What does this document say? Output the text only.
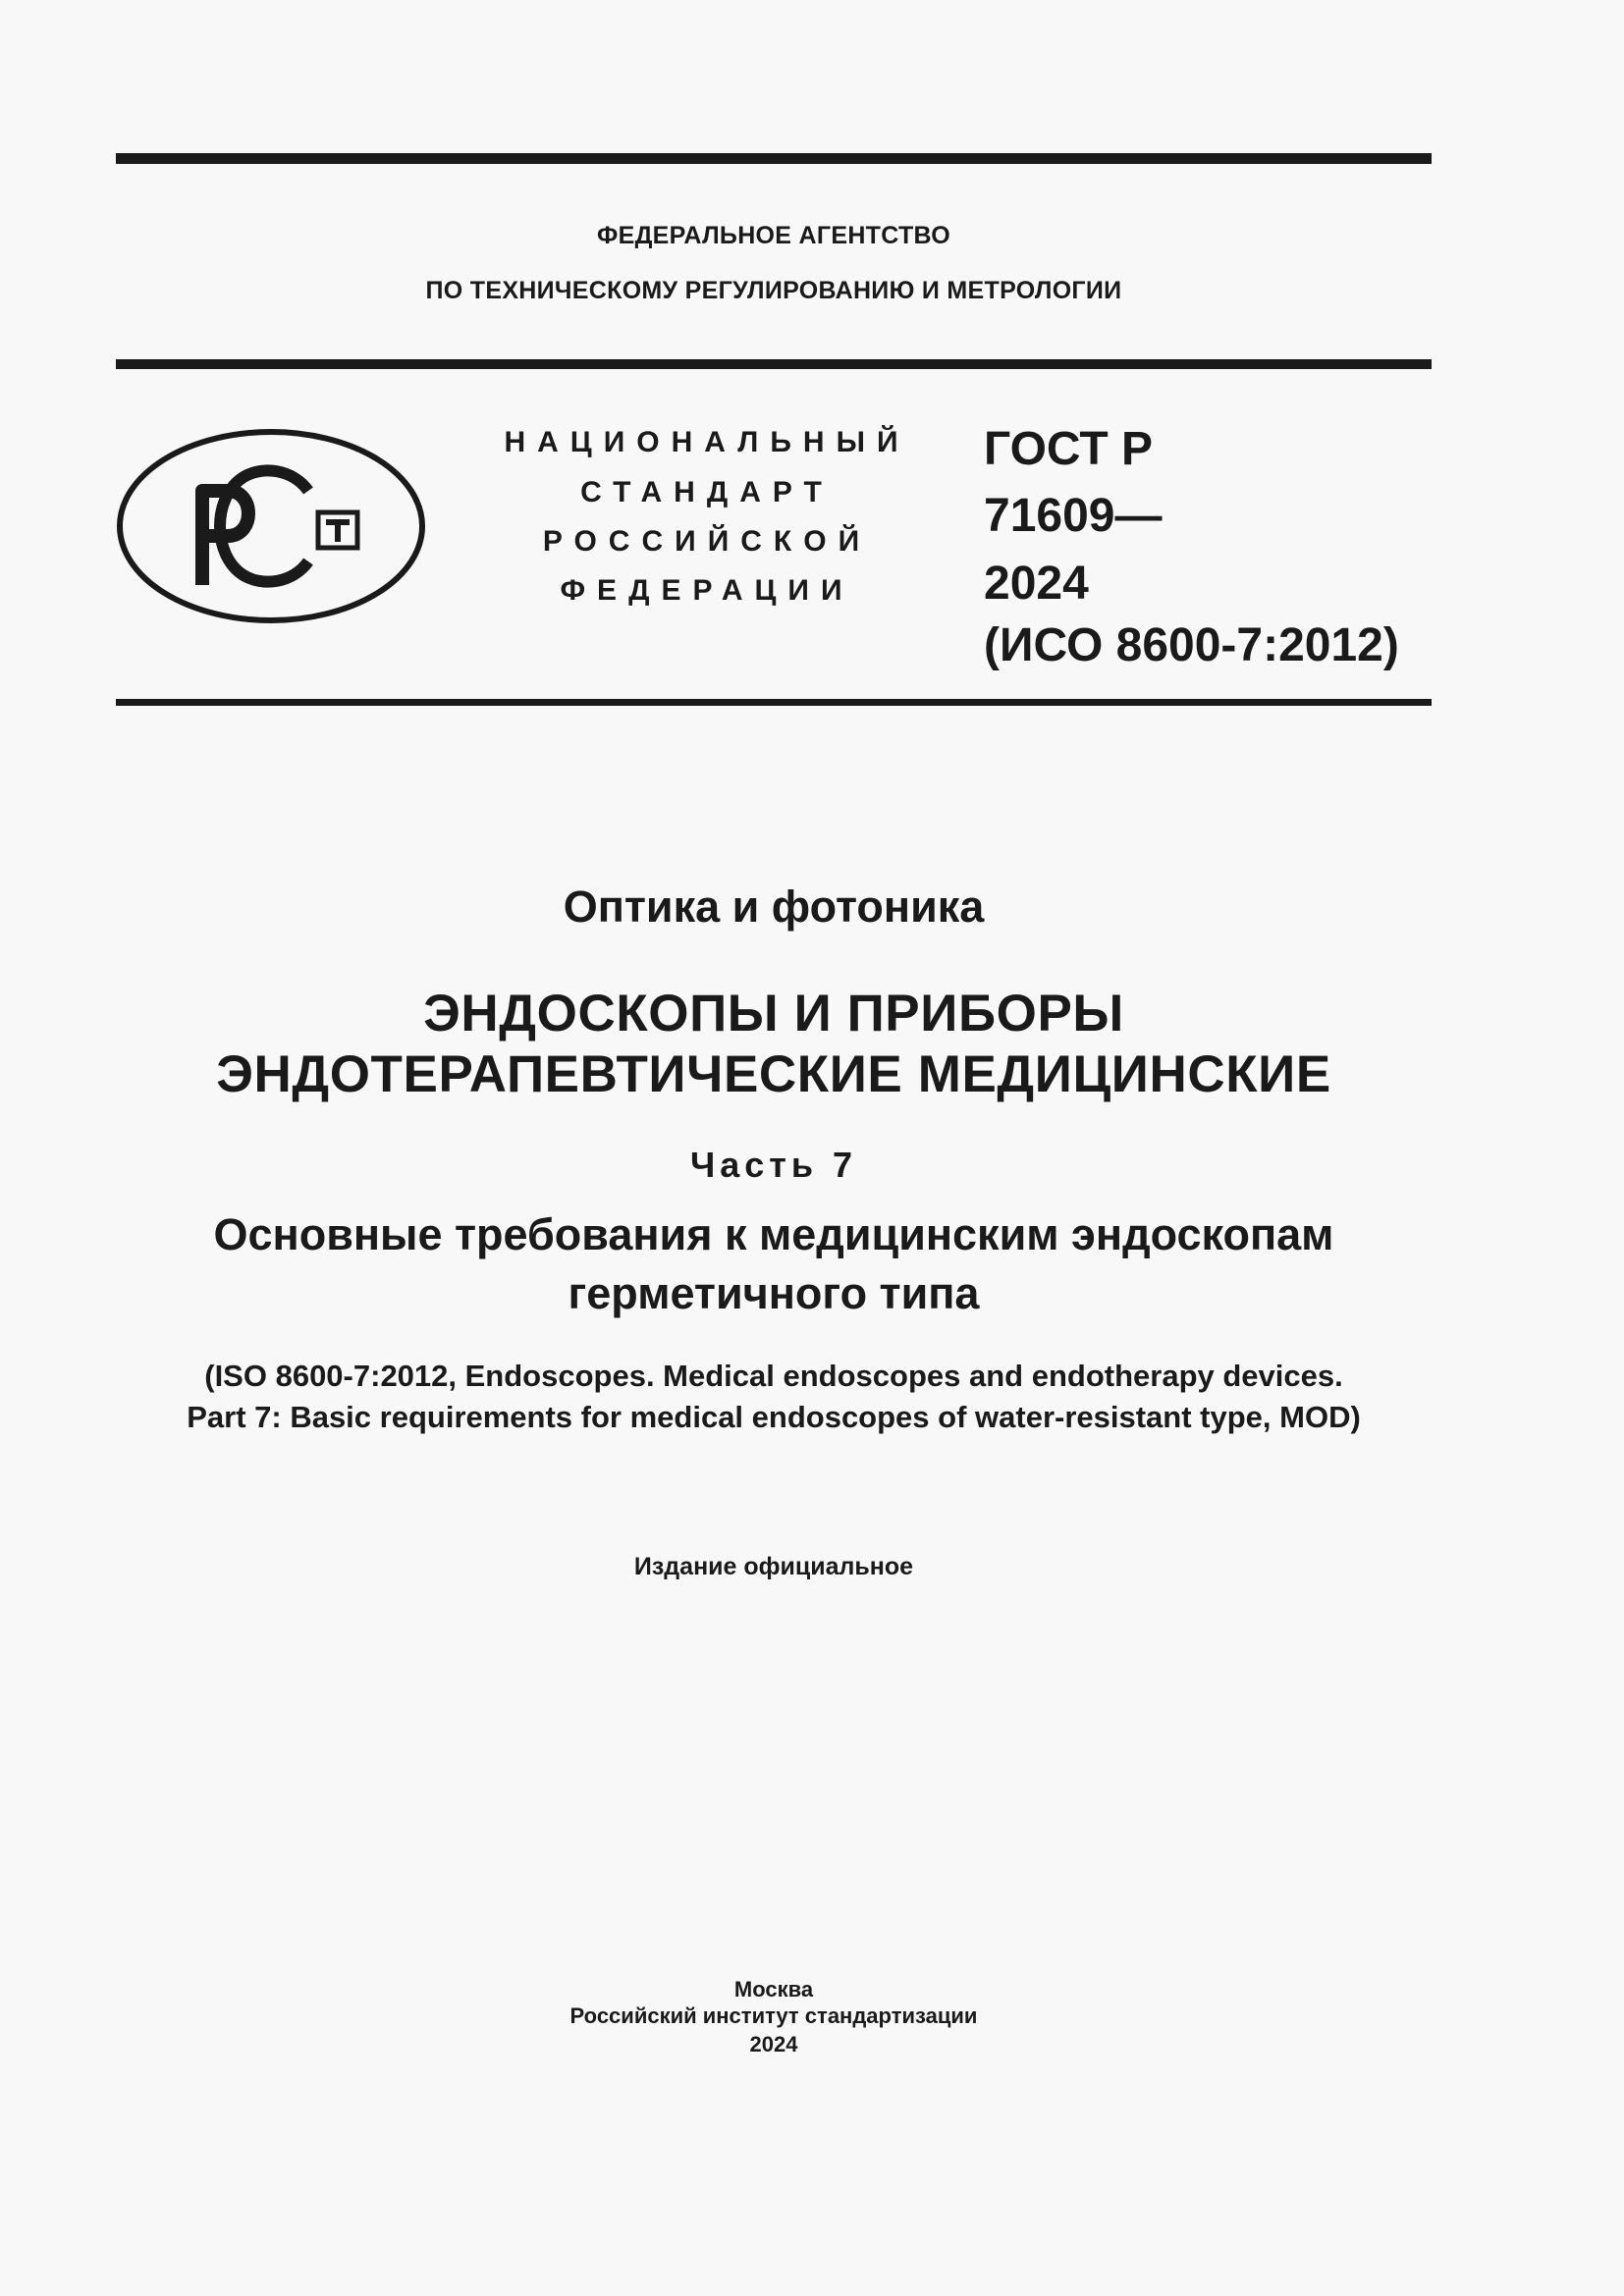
ФЕДЕРАЛЬНОЕ АГЕНТСТВО
ПО ТЕХНИЧЕСКОМУ РЕГУЛИРОВАНИЮ И МЕТРОЛОГИИ
НАЦИОНАЛЬНЫЙ
СТАНДАРТ
РОССИЙСКОЙ
ФЕДЕРАЦИИ
ГОСТ Р
71609—
2024
(ИСО 8600-7:2012)
Оптика и фотоника
ЭНДОСКОПЫ И ПРИБОРЫ
ЭНДОТЕРАПЕВТИЧЕСКИЕ МЕДИЦИНСКИЕ
Часть 7
Основные требования к медицинским эндоскопам
герметичного типа
(ISO 8600-7:2012, Endoscopes. Medical endoscopes and endotherapy devices.
Part 7: Basic requirements for medical endoscopes of water-resistant type, MOD)
Издание официальное
Москва
Российский институт стандартизации
2024
